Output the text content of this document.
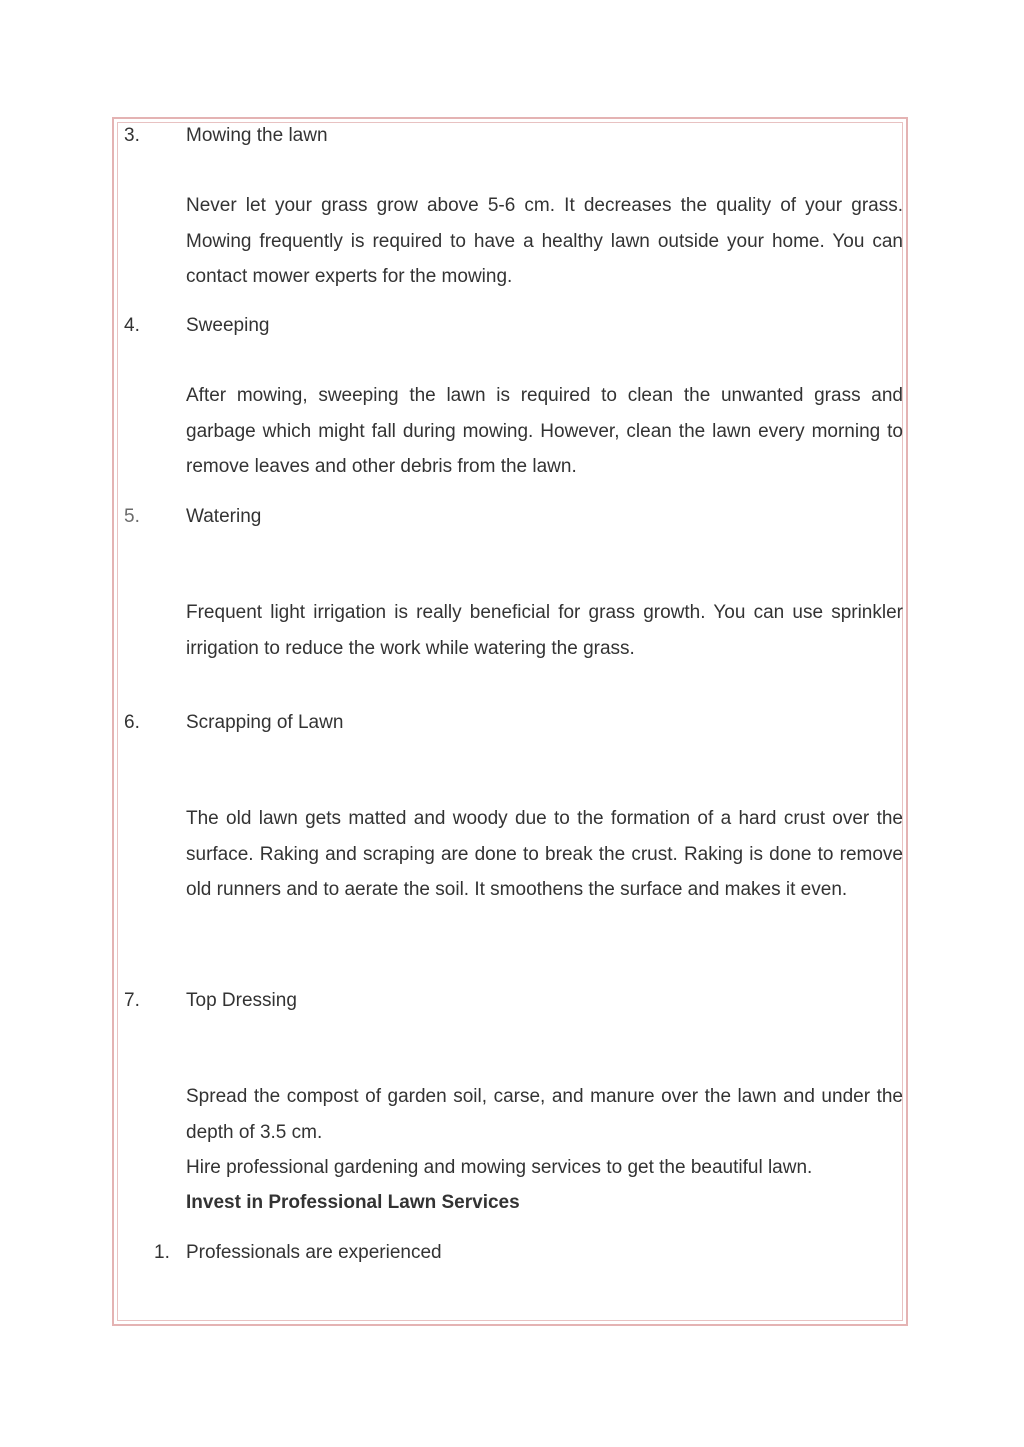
3. Mowing the lawn
Never let your grass grow above 5-6 cm. It decreases the quality of your grass. Mowing frequently is required to have a healthy lawn outside your home. You can contact mower experts for the mowing.
4. Sweeping
After mowing, sweeping the lawn is required to clean the unwanted grass and garbage which might fall during mowing. However, clean the lawn every morning to remove leaves and other debris from the lawn.
5. Watering
Frequent light irrigation is really beneficial for grass growth. You can use sprinkler irrigation to reduce the work while watering the grass.
6. Scrapping of Lawn
The old lawn gets matted and woody due to the formation of a hard crust over the surface. Raking and scraping are done to break the crust. Raking is done to remove old runners and to aerate the soil. It smoothens the surface and makes it even.
7. Top Dressing
Spread the compost of garden soil, carse, and manure over the lawn and under the depth of 3.5 cm.
Hire professional gardening and mowing services to get the beautiful lawn.
Invest in Professional Lawn Services
1. Professionals are experienced
